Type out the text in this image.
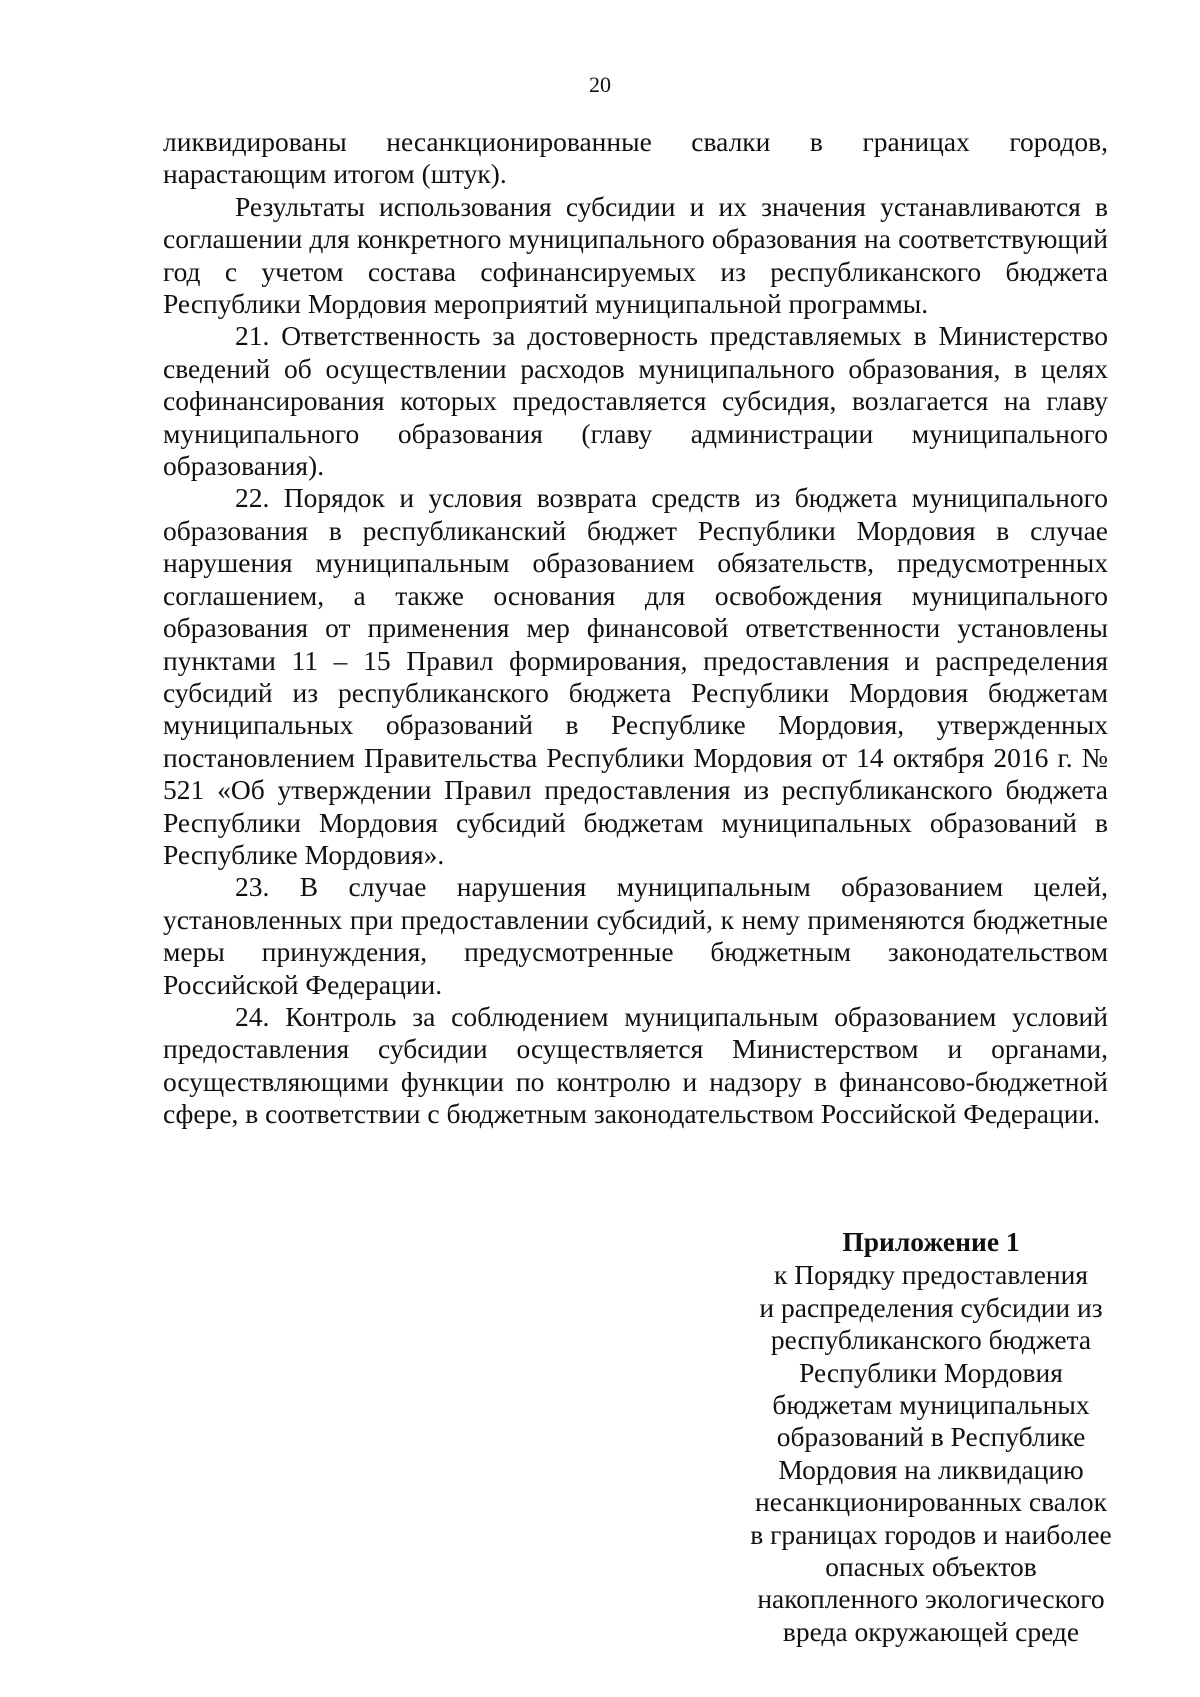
20

ликвидированы несанкционированные свалки в границах городов, нарастающим итогом (штук).

Результаты использования субсидии и их значения устанавливаются в соглашении для конкретного муниципального образования на соответствующий год с учетом состава софинансируемых из республиканского бюджета Республики Мордовия мероприятий муниципальной программы.

21. Ответственность за достоверность представляемых в Министерство сведений об осуществлении расходов муниципального образования, в целях софинансирования которых предоставляется субсидия, возлагается на главу муниципального образования (главу администрации муниципального образования).

22. Порядок и условия возврата средств из бюджета муниципального образования в республиканский бюджет Республики Мордовия в случае нарушения муниципальным образованием обязательств, предусмотренных соглашением, а также основания для освобождения муниципального образования от применения мер финансовой ответственности установлены пунктами 11 – 15 Правил формирования, предоставления и распределения субсидий из республиканского бюджета Республики Мордовия бюджетам муниципальных образований в Республике Мордовия, утвержденных постановлением Правительства Республики Мордовия от 14 октября 2016 г. № 521 «Об утверждении Правил предоставления из республиканского бюджета Республики Мордовия субсидий бюджетам муниципальных образований в Республике Мордовия».

23. В случае нарушения муниципальным образованием целей, установленных при предоставлении субсидий, к нему применяются бюджетные меры принуждения, предусмотренные бюджетным законодательством Российской Федерации.

24. Контроль за соблюдением муниципальным образованием условий предоставления субсидии осуществляется Министерством и органами, осуществляющими функции по контролю и надзору в финансово-бюджетной сфере, в соответствии с бюджетным законодательством Российской Федерации.

Приложение 1
к Порядку предоставления
и распределения субсидии из
республиканского бюджета
Республики Мордовия
бюджетам муниципальных
образований в Республике
Мордовия на ликвидацию
несанкционированных свалок
в границах городов и наиболее
опасных объектов
накопленного экологического
вреда окружающей среде
